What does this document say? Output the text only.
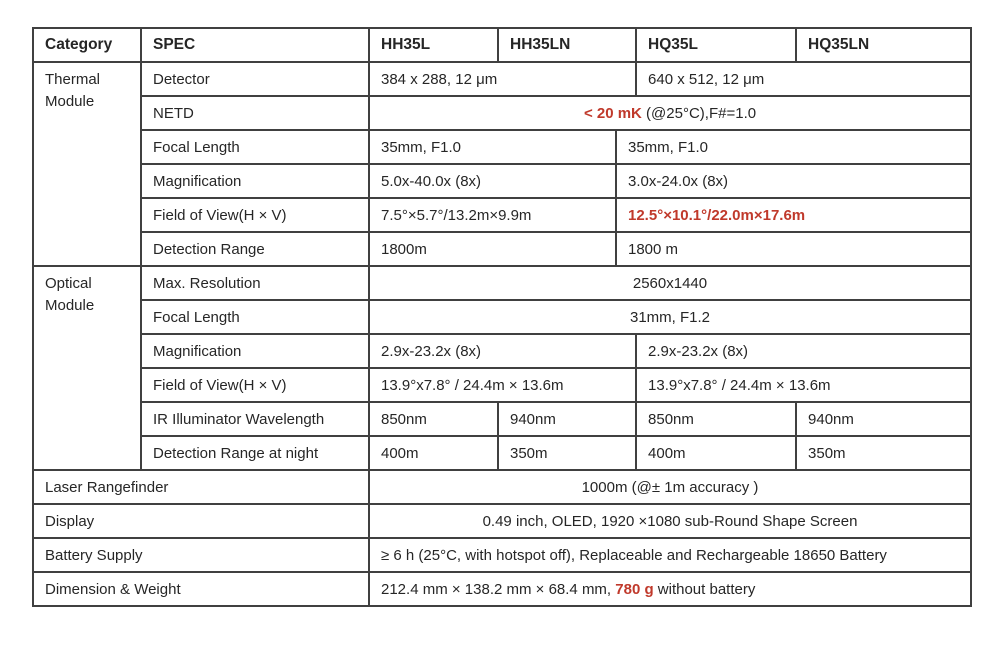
Category	SPEC	HH35L	HH35LN		HQ35L	HQ35LN
Thermal Module	Detector	384 x 288, 12 μm			640 x 512, 12 μm	
	NETD	< 20 mK (@25°C),F#=1.0				
	Focal Length	35mm, F1.0		35mm, F1.0		
	Magnification	5.0x-40.0x (8x)		3.0x-24.0x (8x)		
	Field of View(H × V)	7.5°×5.7°/13.2m×9.9m		12.5°×10.1°/22.0m×17.6m		
	Detection Range	1800m		1800 m		
Optical Module	Max. Resolution	2560x1440				
	Focal Length	31mm, F1.2				
	Magnification	2.9x-23.2x (8x)			2.9x-23.2x (8x)	
	Field of View(H × V)	13.9°x7.8° / 24.4m × 13.6m			13.9°x7.8° / 24.4m × 13.6m	
	IR Illuminator Wavelength	850nm	940nm		850nm	940nm
	Detection Range at night	400m	350m		400m	350m
Laser Rangefinder		1000m (@± 1m accuracy )				
Display		0.49 inch, OLED, 1920 ×1080 sub-Round Shape Screen				
Battery Supply		≥ 6 h (25°C, with hotspot off), Replaceable and Rechargeable 18650 Battery				
Dimension & Weight		212.4 mm × 138.2 mm × 68.4 mm, 780 g without battery				
